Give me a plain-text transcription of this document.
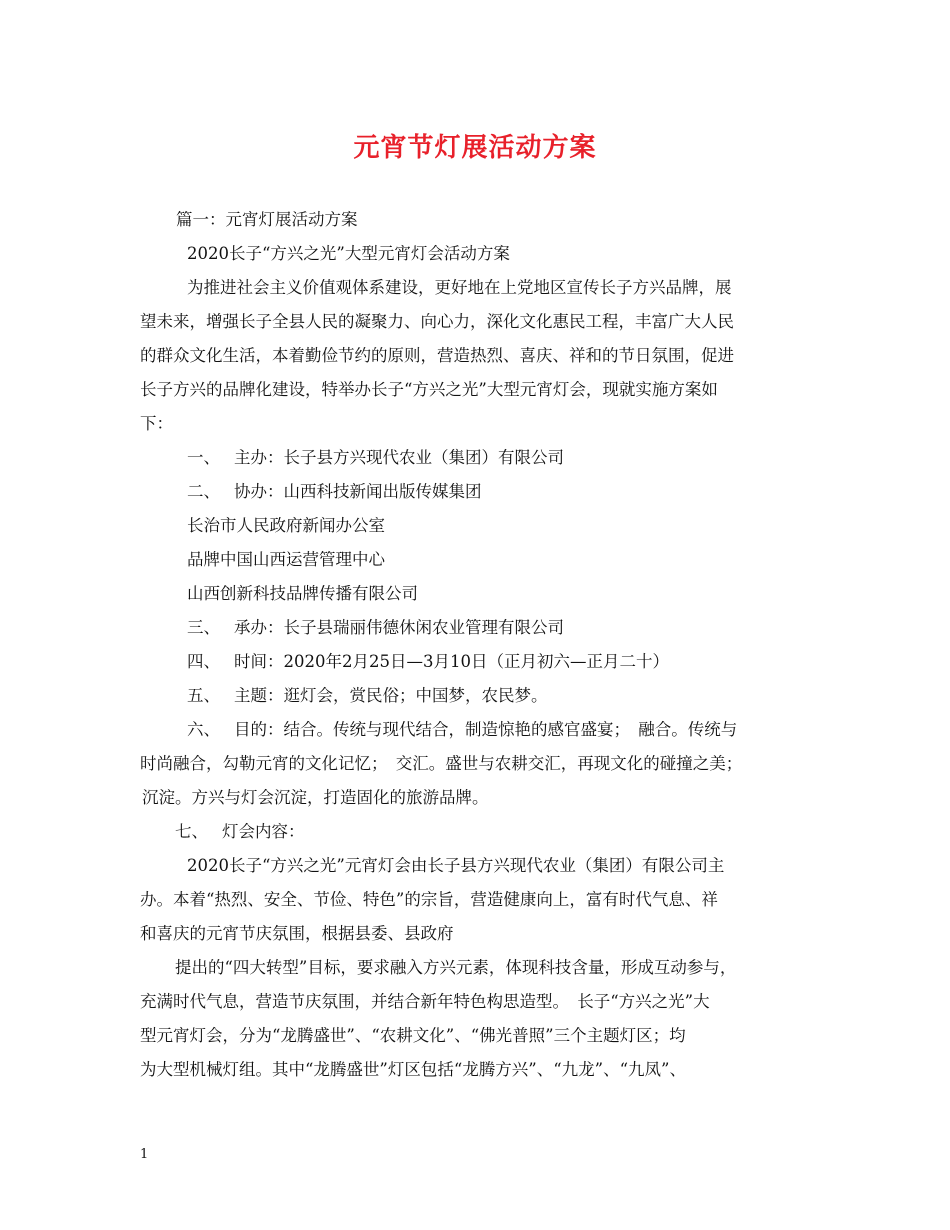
元宵节灯展活动方案
篇一：元宵灯展活动方案
2020长子“方兴之光”大型元宵灯会活动方案
为推进社会主义价值观体系建设，更好地在上党地区宣传长子方兴品牌，展
望未来，增强长子全县人民的凝聚力、向心力，深化文化惠民工程，丰富广大人民
的群众文化生活，本着勤俭节约的原则，营造热烈、喜庆、祥和的节日氛围，促进
长子方兴的品牌化建设，特举办长子“方兴之光”大型元宵灯会，现就实施方案如
下：
一、 主办：长子县方兴现代农业（集团）有限公司
二、 协办：山西科技新闻出版传媒集团
长治市人民政府新闻办公室
品牌中国山西运营管理中心
山西创新科技品牌传播有限公司
三、 承办：长子县瑞丽伟德休闲农业管理有限公司
四、 时间：2020年2月25日—3月10日（正月初六—正月二十）
五、 主题：逛灯会，赏民俗；中国梦，农民梦。
六、 目的：结合。传统与现代结合，制造惊艳的感官盛宴；　融合。传统与
时尚融合，勾勒元宵的文化记忆；　交汇。盛世与农耕交汇，再现文化的碰撞之美；
沉淀。方兴与灯会沉淀，打造固化的旅游品牌。
七、 灯会内容：
2020长子“方兴之光”元宵灯会由长子县方兴现代农业（集团）有限公司主
办。本着“热烈、安全、节俭、特色”的宗旨，营造健康向上，富有时代气息、祥
和喜庆的元宵节庆氛围，根据县委、县政府
提出的“四大转型”目标，要求融入方兴元素，体现科技含量，形成互动参与，
充满时代气息，营造节庆氛围，并结合新年特色构思造型。　长子“方兴之光”大
型元宵灯会，分为“龙腾盛世”、“农耕文化”、“佛光普照”三个主题灯区；均
为大型机械灯组。其中“龙腾盛世”灯区包括“龙腾方兴”、“九龙”、“九凤”、
1
